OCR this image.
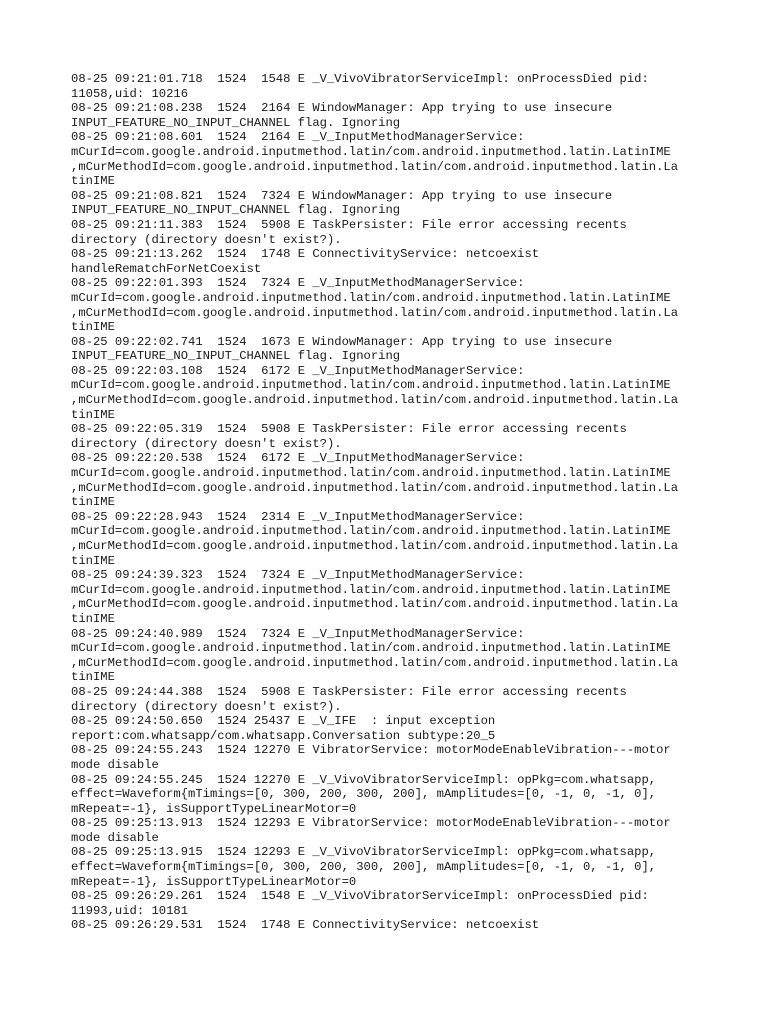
08-25 09:21:01.718  1524  1548 E _V_VivoVibratorServiceImpl: onProcessDied pid:
11058,uid: 10216
08-25 09:21:08.238  1524  2164 E WindowManager: App trying to use insecure
INPUT_FEATURE_NO_INPUT_CHANNEL flag. Ignoring
08-25 09:21:08.601  1524  2164 E _V_InputMethodManagerService:
mCurId=com.google.android.inputmethod.latin/com.android.inputmethod.latin.LatinIME
,mCurMethodId=com.google.android.inputmethod.latin/com.android.inputmethod.latin.La
tinIME
08-25 09:21:08.821  1524  7324 E WindowManager: App trying to use insecure
INPUT_FEATURE_NO_INPUT_CHANNEL flag. Ignoring
08-25 09:21:11.383  1524  5908 E TaskPersister: File error accessing recents
directory (directory doesn't exist?).
08-25 09:21:13.262  1524  1748 E ConnectivityService: netcoexist
handleRematchForNetCoexist
08-25 09:22:01.393  1524  7324 E _V_InputMethodManagerService:
mCurId=com.google.android.inputmethod.latin/com.android.inputmethod.latin.LatinIME
,mCurMethodId=com.google.android.inputmethod.latin/com.android.inputmethod.latin.La
tinIME
08-25 09:22:02.741  1524  1673 E WindowManager: App trying to use insecure
INPUT_FEATURE_NO_INPUT_CHANNEL flag. Ignoring
08-25 09:22:03.108  1524  6172 E _V_InputMethodManagerService:
mCurId=com.google.android.inputmethod.latin/com.android.inputmethod.latin.LatinIME
,mCurMethodId=com.google.android.inputmethod.latin/com.android.inputmethod.latin.La
tinIME
08-25 09:22:05.319  1524  5908 E TaskPersister: File error accessing recents
directory (directory doesn't exist?).
08-25 09:22:20.538  1524  6172 E _V_InputMethodManagerService:
mCurId=com.google.android.inputmethod.latin/com.android.inputmethod.latin.LatinIME
,mCurMethodId=com.google.android.inputmethod.latin/com.android.inputmethod.latin.La
tinIME
08-25 09:22:28.943  1524  2314 E _V_InputMethodManagerService:
mCurId=com.google.android.inputmethod.latin/com.android.inputmethod.latin.LatinIME
,mCurMethodId=com.google.android.inputmethod.latin/com.android.inputmethod.latin.La
tinIME
08-25 09:24:39.323  1524  7324 E _V_InputMethodManagerService:
mCurId=com.google.android.inputmethod.latin/com.android.inputmethod.latin.LatinIME
,mCurMethodId=com.google.android.inputmethod.latin/com.android.inputmethod.latin.La
tinIME
08-25 09:24:40.989  1524  7324 E _V_InputMethodManagerService:
mCurId=com.google.android.inputmethod.latin/com.android.inputmethod.latin.LatinIME
,mCurMethodId=com.google.android.inputmethod.latin/com.android.inputmethod.latin.La
tinIME
08-25 09:24:44.388  1524  5908 E TaskPersister: File error accessing recents
directory (directory doesn't exist?).
08-25 09:24:50.650  1524 25437 E _V_IFE  : input exception
report:com.whatsapp/com.whatsapp.Conversation subtype:20_5
08-25 09:24:55.243  1524 12270 E VibratorService: motorModeEnableVibration---motor
mode disable
08-25 09:24:55.245  1524 12270 E _V_VivoVibratorServiceImpl: opPkg=com.whatsapp,
effect=Waveform{mTimings=[0, 300, 200, 300, 200], mAmplitudes=[0, -1, 0, -1, 0],
mRepeat=-1}, isSupportTypeLinearMotor=0
08-25 09:25:13.913  1524 12293 E VibratorService: motorModeEnableVibration---motor
mode disable
08-25 09:25:13.915  1524 12293 E _V_VivoVibratorServiceImpl: opPkg=com.whatsapp,
effect=Waveform{mTimings=[0, 300, 200, 300, 200], mAmplitudes=[0, -1, 0, -1, 0],
mRepeat=-1}, isSupportTypeLinearMotor=0
08-25 09:26:29.261  1524  1548 E _V_VivoVibratorServiceImpl: onProcessDied pid:
11993,uid: 10181
08-25 09:26:29.531  1524  1748 E ConnectivityService: netcoexist
